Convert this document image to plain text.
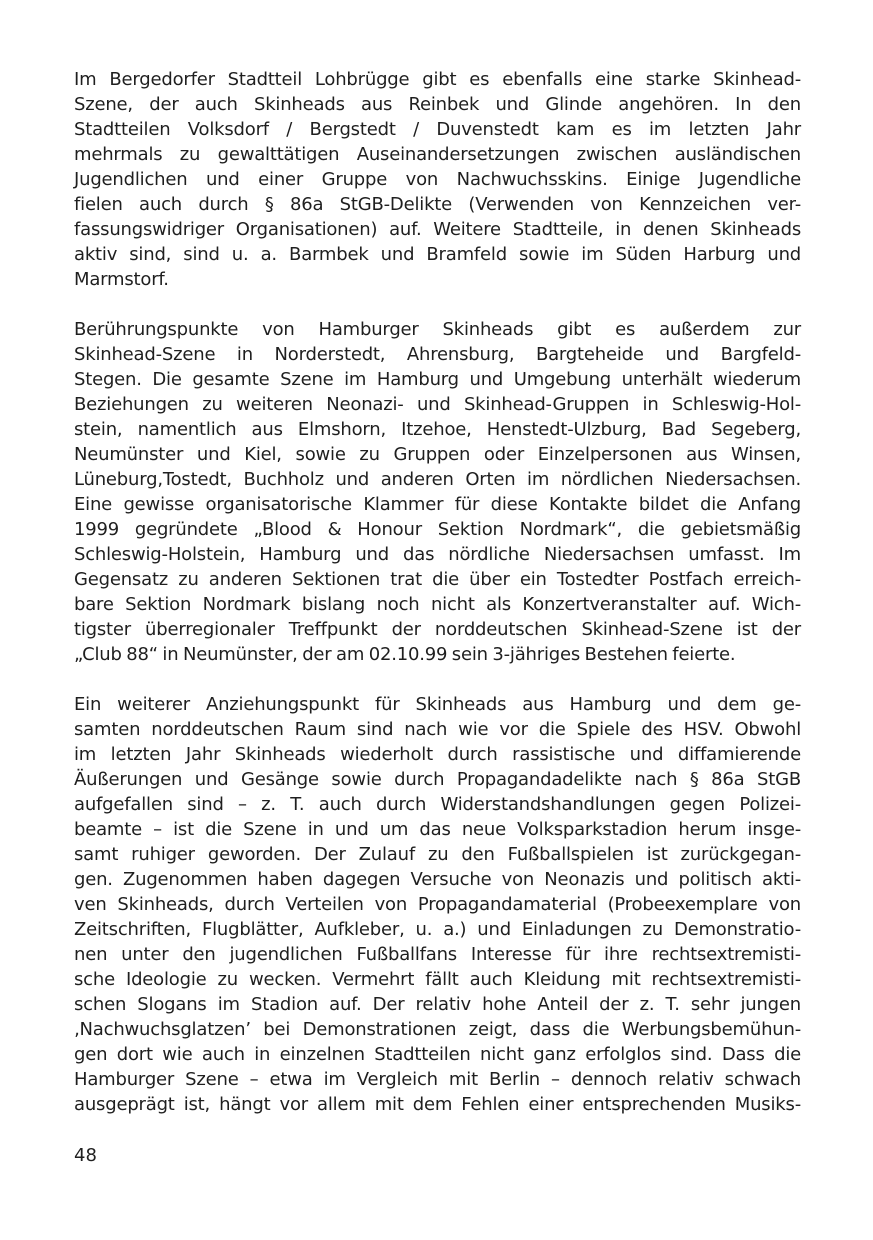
Im Bergedorfer Stadtteil Lohbrügge gibt es ebenfalls eine starke Skinhead-
Szene, der auch Skinheads aus Reinbek und Glinde angehören. In den
Stadtteilen Volksdorf / Bergstedt / Duvenstedt kam es im letzten Jahr
mehrmals zu gewalttätigen Auseinandersetzungen zwischen ausländischen
Jugendlichen und einer Gruppe von Nachwuchsskins. Einige Jugendliche
fielen auch durch § 86a StGB-Delikte (Verwenden von Kennzeichen ver-
fassungswidriger Organisationen) auf. Weitere Stadtteile, in denen Skinheads
aktiv sind, sind u. a. Barmbek und Bramfeld sowie im Süden Harburg und
Marmstorf.

Berührungspunkte von Hamburger Skinheads gibt es außerdem zur
Skinhead-Szene in Norderstedt, Ahrensburg, Bargteheide und Bargfeld-
Stegen. Die gesamte Szene im Hamburg und Umgebung unterhält wiederum
Beziehungen zu weiteren Neonazi- und Skinhead-Gruppen in Schleswig-Hol-
stein, namentlich aus Elmshorn, Itzehoe, Henstedt-Ulzburg, Bad Segeberg,
Neumünster und Kiel, sowie zu Gruppen oder Einzelpersonen aus Winsen,
Lüneburg,Tostedt, Buchholz und anderen Orten im nördlichen Niedersachsen.
Eine gewisse organisatorische Klammer für diese Kontakte bildet die Anfang
1999 gegründete „Blood & Honour Sektion Nordmark“, die gebietsmäßig
Schleswig-Holstein, Hamburg und das nördliche Niedersachsen umfasst. Im
Gegensatz zu anderen Sektionen trat die über ein Tostedter Postfach erreich-
bare Sektion Nordmark bislang noch nicht als Konzertveranstalter auf. Wich-
tigster überregionaler Treffpunkt der norddeutschen Skinhead-Szene ist der
„Club 88“ in Neumünster, der am 02.10.99 sein 3-jähriges Bestehen feierte.

Ein weiterer Anziehungspunkt für Skinheads aus Hamburg und dem ge-
samten norddeutschen Raum sind nach wie vor die Spiele des HSV. Obwohl
im letzten Jahr Skinheads wiederholt durch rassistische und diffamierende
Äußerungen und Gesänge sowie durch Propagandadelikte nach § 86a StGB
aufgefallen sind – z. T. auch durch Widerstandshandlungen gegen Polizei-
beamte – ist die Szene in und um das neue Volksparkstadion herum insge-
samt ruhiger geworden. Der Zulauf zu den Fußballspielen ist zurückgegan-
gen. Zugenommen haben dagegen Versuche von Neonazis und politisch akti-
ven Skinheads, durch Verteilen von Propagandamaterial (Probeexemplare von
Zeitschriften, Flugblätter, Aufkleber, u. a.) und Einladungen zu Demonstratio-
nen unter den jugendlichen Fußballfans Interesse für ihre rechtsextremisti-
sche Ideologie zu wecken. Vermehrt fällt auch Kleidung mit rechtsextremisti-
schen Slogans im Stadion auf. Der relativ hohe Anteil der z. T. sehr jungen
‚Nachwuchsglatzen’ bei Demonstrationen zeigt, dass die Werbungsbemühun-
gen dort wie auch in einzelnen Stadtteilen nicht ganz erfolglos sind. Dass die
Hamburger Szene – etwa im Vergleich mit Berlin – dennoch relativ schwach
ausgeprägt ist, hängt vor allem mit dem Fehlen einer entsprechenden Musiks-

48
